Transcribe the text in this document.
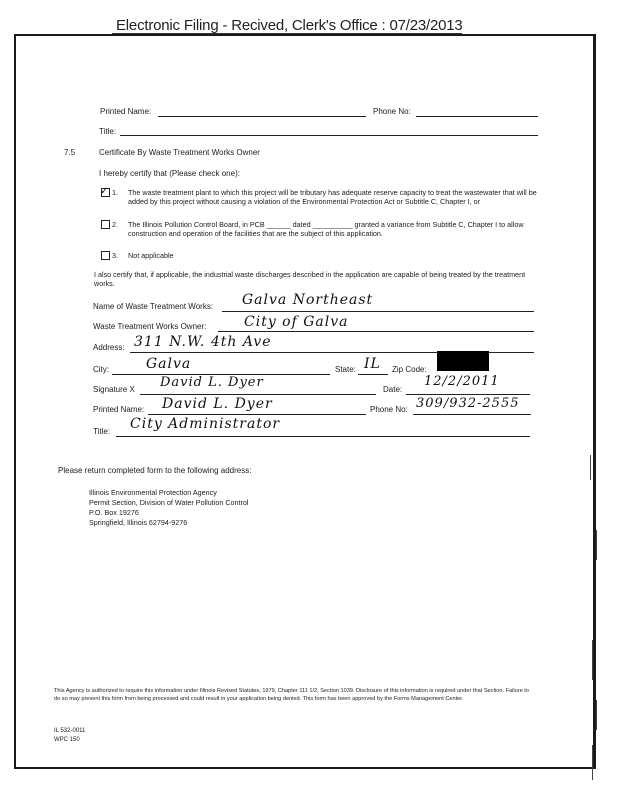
Electronic Filing - Recived, Clerk's Office : 07/23/2013
Printed Name:	Phone No:
Title:
7.5	Certificate By Waste Treatment Works Owner
I hereby certify that (Please check one):
✓ 1. The waste treatment plant to which this project will be tributary has adequate reserve capacity to treat the wastewater that will be added by this project without causing a violation of the Environmental Protection Act or Subtitle C, Chapter I, or
2. The Illinois Pollution Control Board, in PCB ______ dated __________ granted a variance from Subtitle C, Chapter I to allow construction and operation of the facilities that are the subject of this application.
3. Not applicable
I also certify that, if applicable, the industrial waste discharges described in the application are capable of being treated by the treatment works.
Name of Waste Treatment Works: Galva Northeast
Waste Treatment Works Owner:	City of Galva
Address: 311 N.W. 4th Ave
City:	Galva	State: IL Zip Code:
Signature X David L. Dyer	Date:
12/2/2011
Printed Name: David L. Dyer	Phone No: 309/932-2555
Title: City Administrator
Please return completed form to the following address:
Illinois Environmental Protection Agency
Permit Section, Division of Water Pollution Control
P.O. Box 19276
Springfield, Illinois 62794-9276
This Agency is authorized to require this information under Illinois Revised Statutes, 1979, Chapter 111 1/2, Section 1039. Disclosure of this information is required under that Section. Failure to do so may prevent this form from being processed and could result in your application being denied. This form has been approved by the Forms Management Center.
IL 532-0011
WPC 150
